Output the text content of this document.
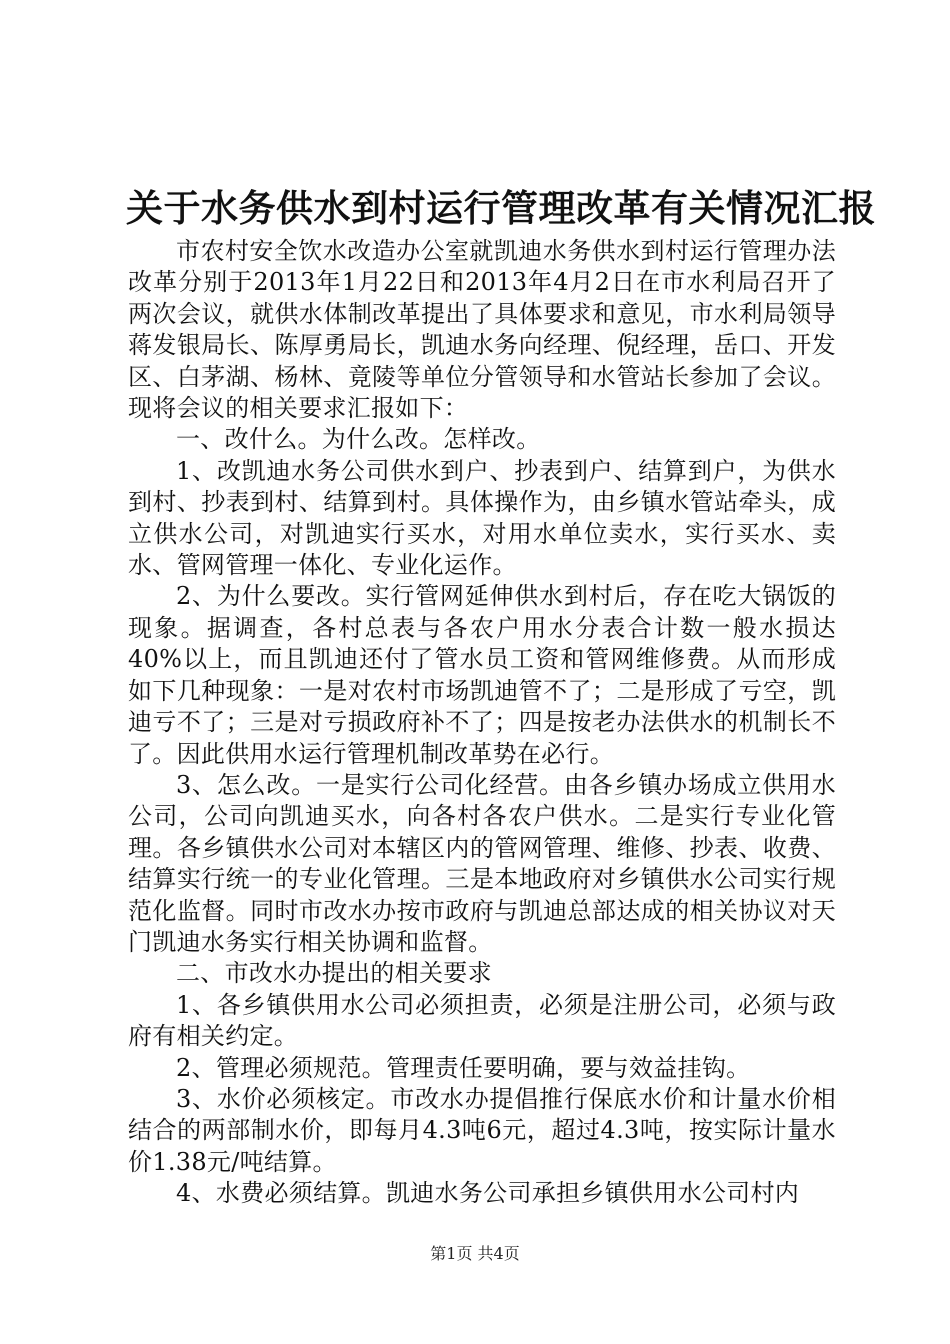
关于水务供水到村运行管理改革有关情况汇报

市农村安全饮水改造办公室就凯迪水务供水到村运行管理办法改革分别于2013年1月22日和2013年4月2日在市水利局召开了两次会议，就供水体制改革提出了具体要求和意见，市水利局领导蒋发银局长、陈厚勇局长，凯迪水务向经理、倪经理，岳口、开发区、白茅湖、杨林、竟陵等单位分管领导和水管站长参加了会议。现将会议的相关要求汇报如下：

一、改什么。为什么改。怎样改。

1、改凯迪水务公司供水到户、抄表到户、结算到户，为供水到村、抄表到村、结算到村。具体操作为，由乡镇水管站牵头，成立供水公司，对凯迪实行买水，对用水单位卖水，实行买水、卖水、管网管理一体化、专业化运作。

2、为什么要改。实行管网延伸供水到村后，存在吃大锅饭的现象。据调查，各村总表与各农户用水分表合计数一般水损达40%以上，而且凯迪还付了管水员工资和管网维修费。从而形成如下几种现象：一是对农村市场凯迪管不了；二是形成了亏空，凯迪亏不了；三是对亏损政府补不了；四是按老办法供水的机制长不了。因此供用水运行管理机制改革势在必行。

3、怎么改。一是实行公司化经营。由各乡镇办场成立供用水公司，公司向凯迪买水，向各村各农户供水。二是实行专业化管理。各乡镇供水公司对本辖区内的管网管理、维修、抄表、收费、结算实行统一的专业化管理。三是本地政府对乡镇供水公司实行规范化监督。同时市改水办按市政府与凯迪总部达成的相关协议对天门凯迪水务实行相关协调和监督。

二、市改水办提出的相关要求

1、各乡镇供用水公司必须担责，必须是注册公司，必须与政府有相关约定。

2、管理必须规范。管理责任要明确，要与效益挂钩。

3、水价必须核定。市改水办提倡推行保底水价和计量水价相结合的两部制水价，即每月4.3吨6元，超过4.3吨，按实际计量水价1.38元/吨结算。

4、水费必须结算。凯迪水务公司承担乡镇供用水公司村内

第1页 共4页
